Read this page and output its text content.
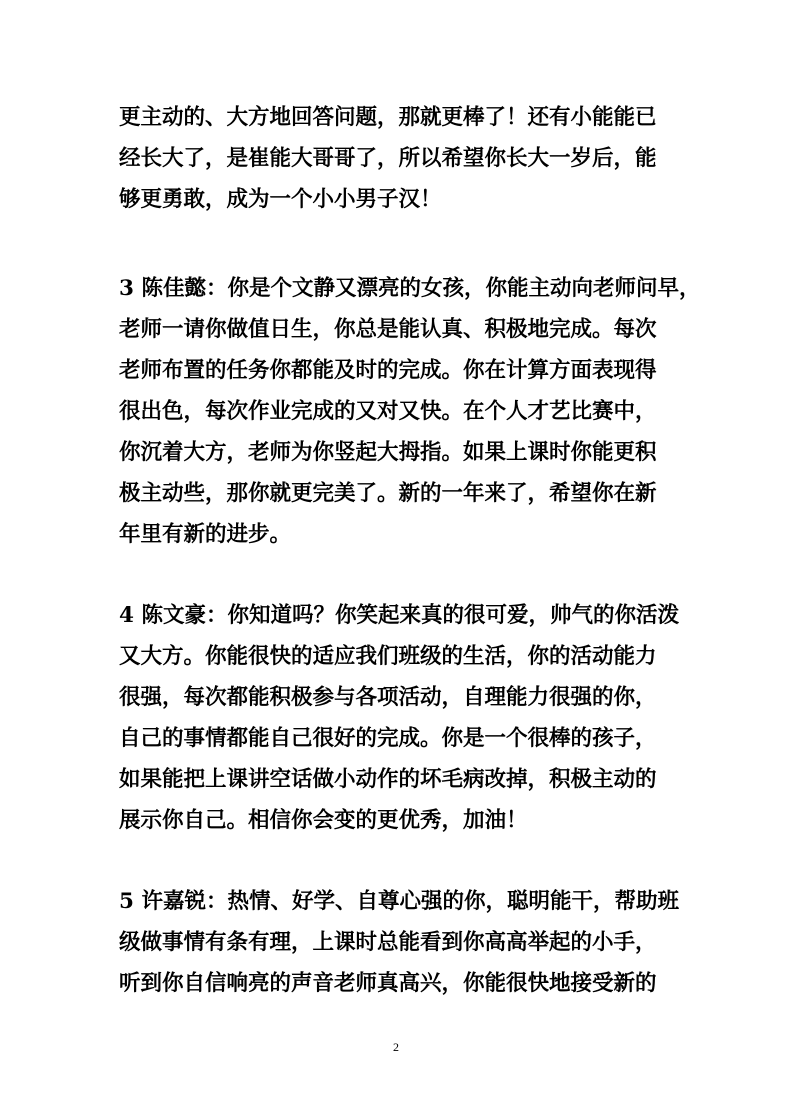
更主动的、大方地回答问题，那就更棒了！还有小能能已
经长大了，是崔能大哥哥了，所以希望你长大一岁后，能
够更勇敢，成为一个小小男子汉！
3 陈佳懿：你是个文静又漂亮的女孩，你能主动向老师问早，
老师一请你做值日生，你总是能认真、积极地完成。每次
老师布置的任务你都能及时的完成。你在计算方面表现得
很出色，每次作业完成的又对又快。在个人才艺比赛中，
你沉着大方，老师为你竖起大拇指。如果上课时你能更积
极主动些，那你就更完美了。新的一年来了，希望你在新
年里有新的进步。
4 陈文豪：你知道吗？你笑起来真的很可爱，帅气的你活泼
又大方。你能很快的适应我们班级的生活，你的活动能力
很强，每次都能积极参与各项活动，自理能力很强的你，
自己的事情都能自己很好的完成。你是一个很棒的孩子，
如果能把上课讲空话做小动作的坏毛病改掉，积极主动的
展示你自己。相信你会变的更优秀，加油！
5 许嘉锐：热情、好学、自尊心强的你，聪明能干，帮助班
级做事情有条有理，上课时总能看到你高高举起的小手，
听到你自信响亮的声音老师真高兴，你能很快地接受新的
2
